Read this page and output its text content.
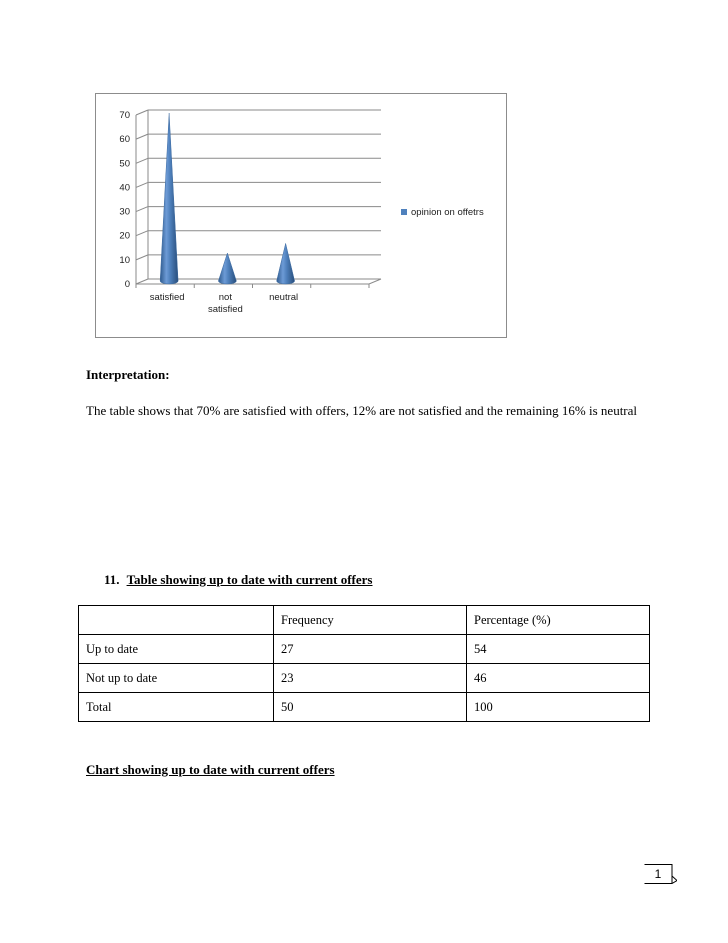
0
10
20
30
40
50
60
70
satisfied	not
satisfied
neutral
opinion on offetrs
Interpretation:
The table shows that 70% are satisfied with offers, 12% are not satisfied and the remaining 16% is neutral
11. Table showing up to date with current offers
	Frequency	Percentage (%)
Up to date	27	54
Not up to date	23	46
Total	50	100
Chart showing up to date with current offers
1
